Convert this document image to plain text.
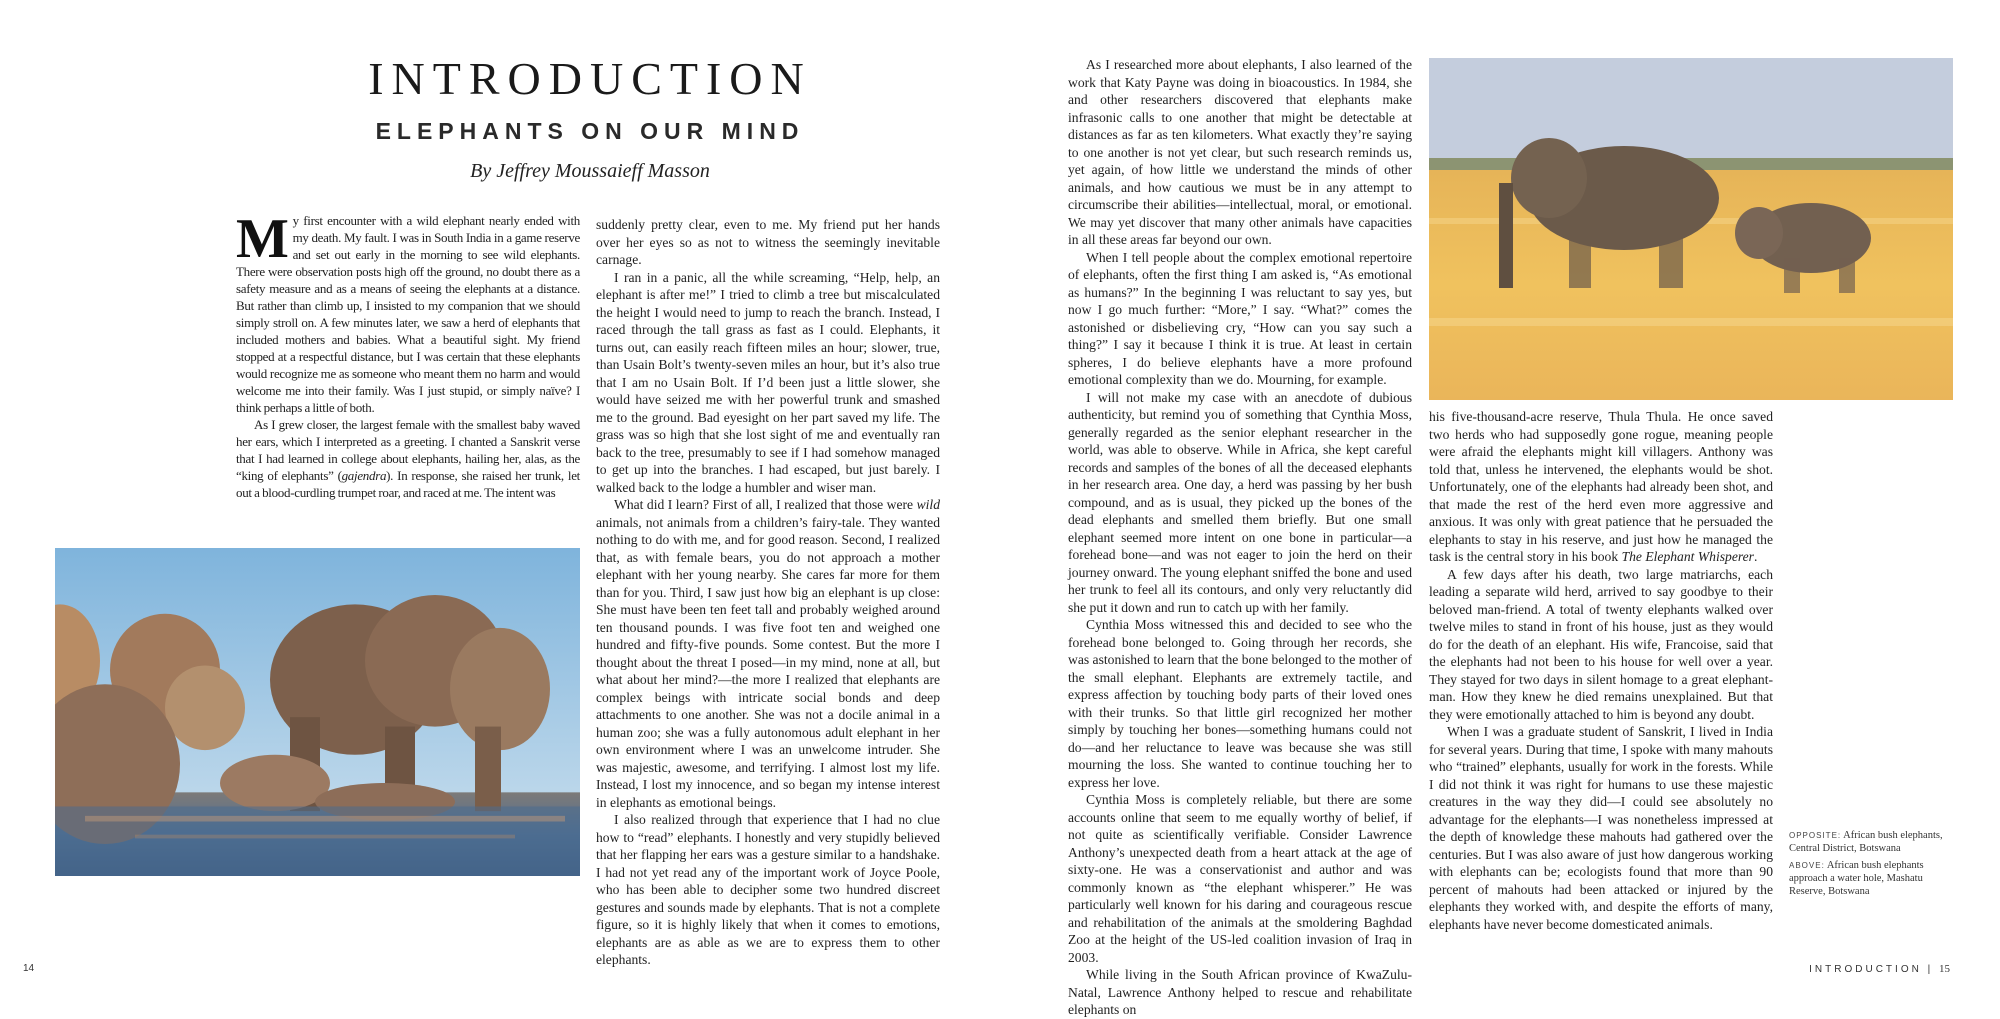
INTRODUCTION
ELEPHANTS ON OUR MIND
By Jeffrey Moussaieff Masson

My first encounter with a wild elephant nearly ended with my death. My fault. I was in South India in a game reserve and set out early in the morning to see wild elephants. There were observation posts high off the ground, no doubt there as a safety measure and as a means of seeing the elephants at a distance. But rather than climb up, I insisted to my companion that we should simply stroll on. A few minutes later, we saw a herd of elephants that included mothers and babies. What a beautiful sight. My friend stopped at a respectful distance, but I was certain that these elephants would recognize me as someone who meant them no harm and would welcome me into their family. Was I just stupid, or simply naïve? I think perhaps a little of both.

As I grew closer, the largest female with the smallest baby waved her ears, which I interpreted as a greeting. I chanted a Sanskrit verse that I had learned in college about elephants, hailing her, alas, as the “king of elephants” (gajendra). In response, she raised her trunk, let out a blood-curdling trumpet roar, and raced at me. The intent was

suddenly pretty clear, even to me. My friend put her hands over her eyes so as not to witness the seemingly inevitable carnage.

I ran in a panic, all the while screaming, “Help, help, an elephant is after me!” I tried to climb a tree but miscalculated the height I would need to jump to reach the branch. Instead, I raced through the tall grass as fast as I could. Elephants, it turns out, can easily reach fifteen miles an hour; slower, true, than Usain Bolt’s twenty-seven miles an hour, but it’s also true that I am no Usain Bolt. If I’d been just a little slower, she would have seized me with her powerful trunk and smashed me to the ground. Bad eyesight on her part saved my life. The grass was so high that she lost sight of me and eventually ran back to the tree, presumably to see if I had somehow managed to get up into the branches. I had escaped, but just barely. I walked back to the lodge a humbler and wiser man.

What did I learn? First of all, I realized that those were wild animals, not animals from a children’s fairy-tale. They wanted nothing to do with me, and for good reason. Second, I realized that, as with female bears, you do not approach a mother elephant with her young nearby. She cares far more for them than for you. Third, I saw just how big an elephant is up close: She must have been ten feet tall and probably weighed around ten thousand pounds. I was five foot ten and weighed one hundred and fifty-five pounds. Some contest. But the more I thought about the threat I posed—in my mind, none at all, but what about her mind?—the more I realized that elephants are complex beings with intricate social bonds and deep attachments to one another. She was not a docile animal in a human zoo; she was a fully autonomous adult elephant in her own environment where I was an unwelcome intruder. She was majestic, awesome, and terrifying. I almost lost my life. Instead, I lost my innocence, and so began my intense interest in elephants as emotional beings.

I also realized through that experience that I had no clue how to “read” elephants. I honestly and very stupidly believed that her flapping her ears was a gesture similar to a handshake. I had not yet read any of the important work of Joyce Poole, who has been able to decipher some two hundred discreet gestures and sounds made by elephants. That is not a complete figure, so it is highly likely that when it comes to emotions, elephants are as able as we are to express them to other elephants.

As I researched more about elephants, I also learned of the work that Katy Payne was doing in bioacoustics. In 1984, she and other researchers discovered that elephants make infrasonic calls to one another that might be detectable at distances as far as ten kilometers. What exactly they’re saying to one another is not yet clear, but such research reminds us, yet again, of how little we understand the minds of other animals, and how cautious we must be in any attempt to circumscribe their abilities—intellectual, moral, or emotional. We may yet discover that many other animals have capacities in all these areas far beyond our own.

When I tell people about the complex emotional repertoire of elephants, often the first thing I am asked is, “As emotional as humans?” In the beginning I was reluctant to say yes, but now I go much further: “More,” I say. “What?” comes the astonished or disbelieving cry, “How can you say such a thing?” I say it because I think it is true. At least in certain spheres, I do believe elephants have a more profound emotional complexity than we do. Mourning, for example.

I will not make my case with an anecdote of dubious authenticity, but remind you of something that Cynthia Moss, generally regarded as the senior elephant researcher in the world, was able to observe. While in Africa, she kept careful records and samples of the bones of all the deceased elephants in her research area. One day, a herd was passing by her bush compound, and as is usual, they picked up the bones of the dead elephants and smelled them briefly. But one small elephant seemed more intent on one bone in particular—a forehead bone—and was not eager to join the herd on their journey onward. The young elephant sniffed the bone and used her trunk to feel all its contours, and only very reluctantly did she put it down and run to catch up with her family.

Cynthia Moss witnessed this and decided to see who the forehead bone belonged to. Going through her records, she was astonished to learn that the bone belonged to the mother of the small elephant. Elephants are extremely tactile, and express affection by touching body parts of their loved ones with their trunks. So that little girl recognized her mother simply by touching her bones—something humans could not do—and her reluctance to leave was because she was still mourning the loss. She wanted to continue touching her to express her love.

Cynthia Moss is completely reliable, but there are some accounts online that seem to me equally worthy of belief, if not quite as scientifically verifiable. Consider Lawrence Anthony’s unexpected death from a heart attack at the age of sixty-one. He was a conservationist and author and was commonly known as “the elephant whisperer.” He was particularly well known for his daring and courageous rescue and rehabilitation of the animals at the smoldering Baghdad Zoo at the height of the US-led coalition invasion of Iraq in 2003.

While living in the South African province of KwaZulu-Natal, Lawrence Anthony helped to rescue and rehabilitate elephants on

his five-thousand-acre reserve, Thula Thula. He once saved two herds who had supposedly gone rogue, meaning people were afraid the elephants might kill villagers. Anthony was told that, unless he intervened, the elephants would be shot. Unfortunately, one of the elephants had already been shot, and that made the rest of the herd even more aggressive and anxious. It was only with great patience that he persuaded the elephants to stay in his reserve, and just how he managed the task is the central story in his book The Elephant Whisperer.

A few days after his death, two large matriarchs, each leading a separate wild herd, arrived to say goodbye to their beloved man-friend. A total of twenty elephants walked over twelve miles to stand in front of his house, just as they would do for the death of an elephant. His wife, Francoise, said that the elephants had not been to his house for well over a year. They stayed for two days in silent homage to a great elephant-man. How they knew he died remains unexplained. But that they were emotionally attached to him is beyond any doubt.

When I was a graduate student of Sanskrit, I lived in India for several years. During that time, I spoke with many mahouts who “trained” elephants, usually for work in the forests. While I did not think it was right for humans to use these majestic creatures in the way they did—I could see absolutely no advantage for the elephants—I was nonetheless impressed at the depth of knowledge these mahouts had gathered over the centuries. But I was also aware of just how dangerous working with elephants can be; ecologists found that more than 90 percent of mahouts had been attacked or injured by the elephants they worked with, and despite the efforts of many, elephants have never become domesticated animals.

OPPOSITE: African bush elephants, Central District, Botswana

ABOVE: African bush elephants approach a water hole, Mashatu Reserve, Botswana

14	INTRODUCTION | 15
